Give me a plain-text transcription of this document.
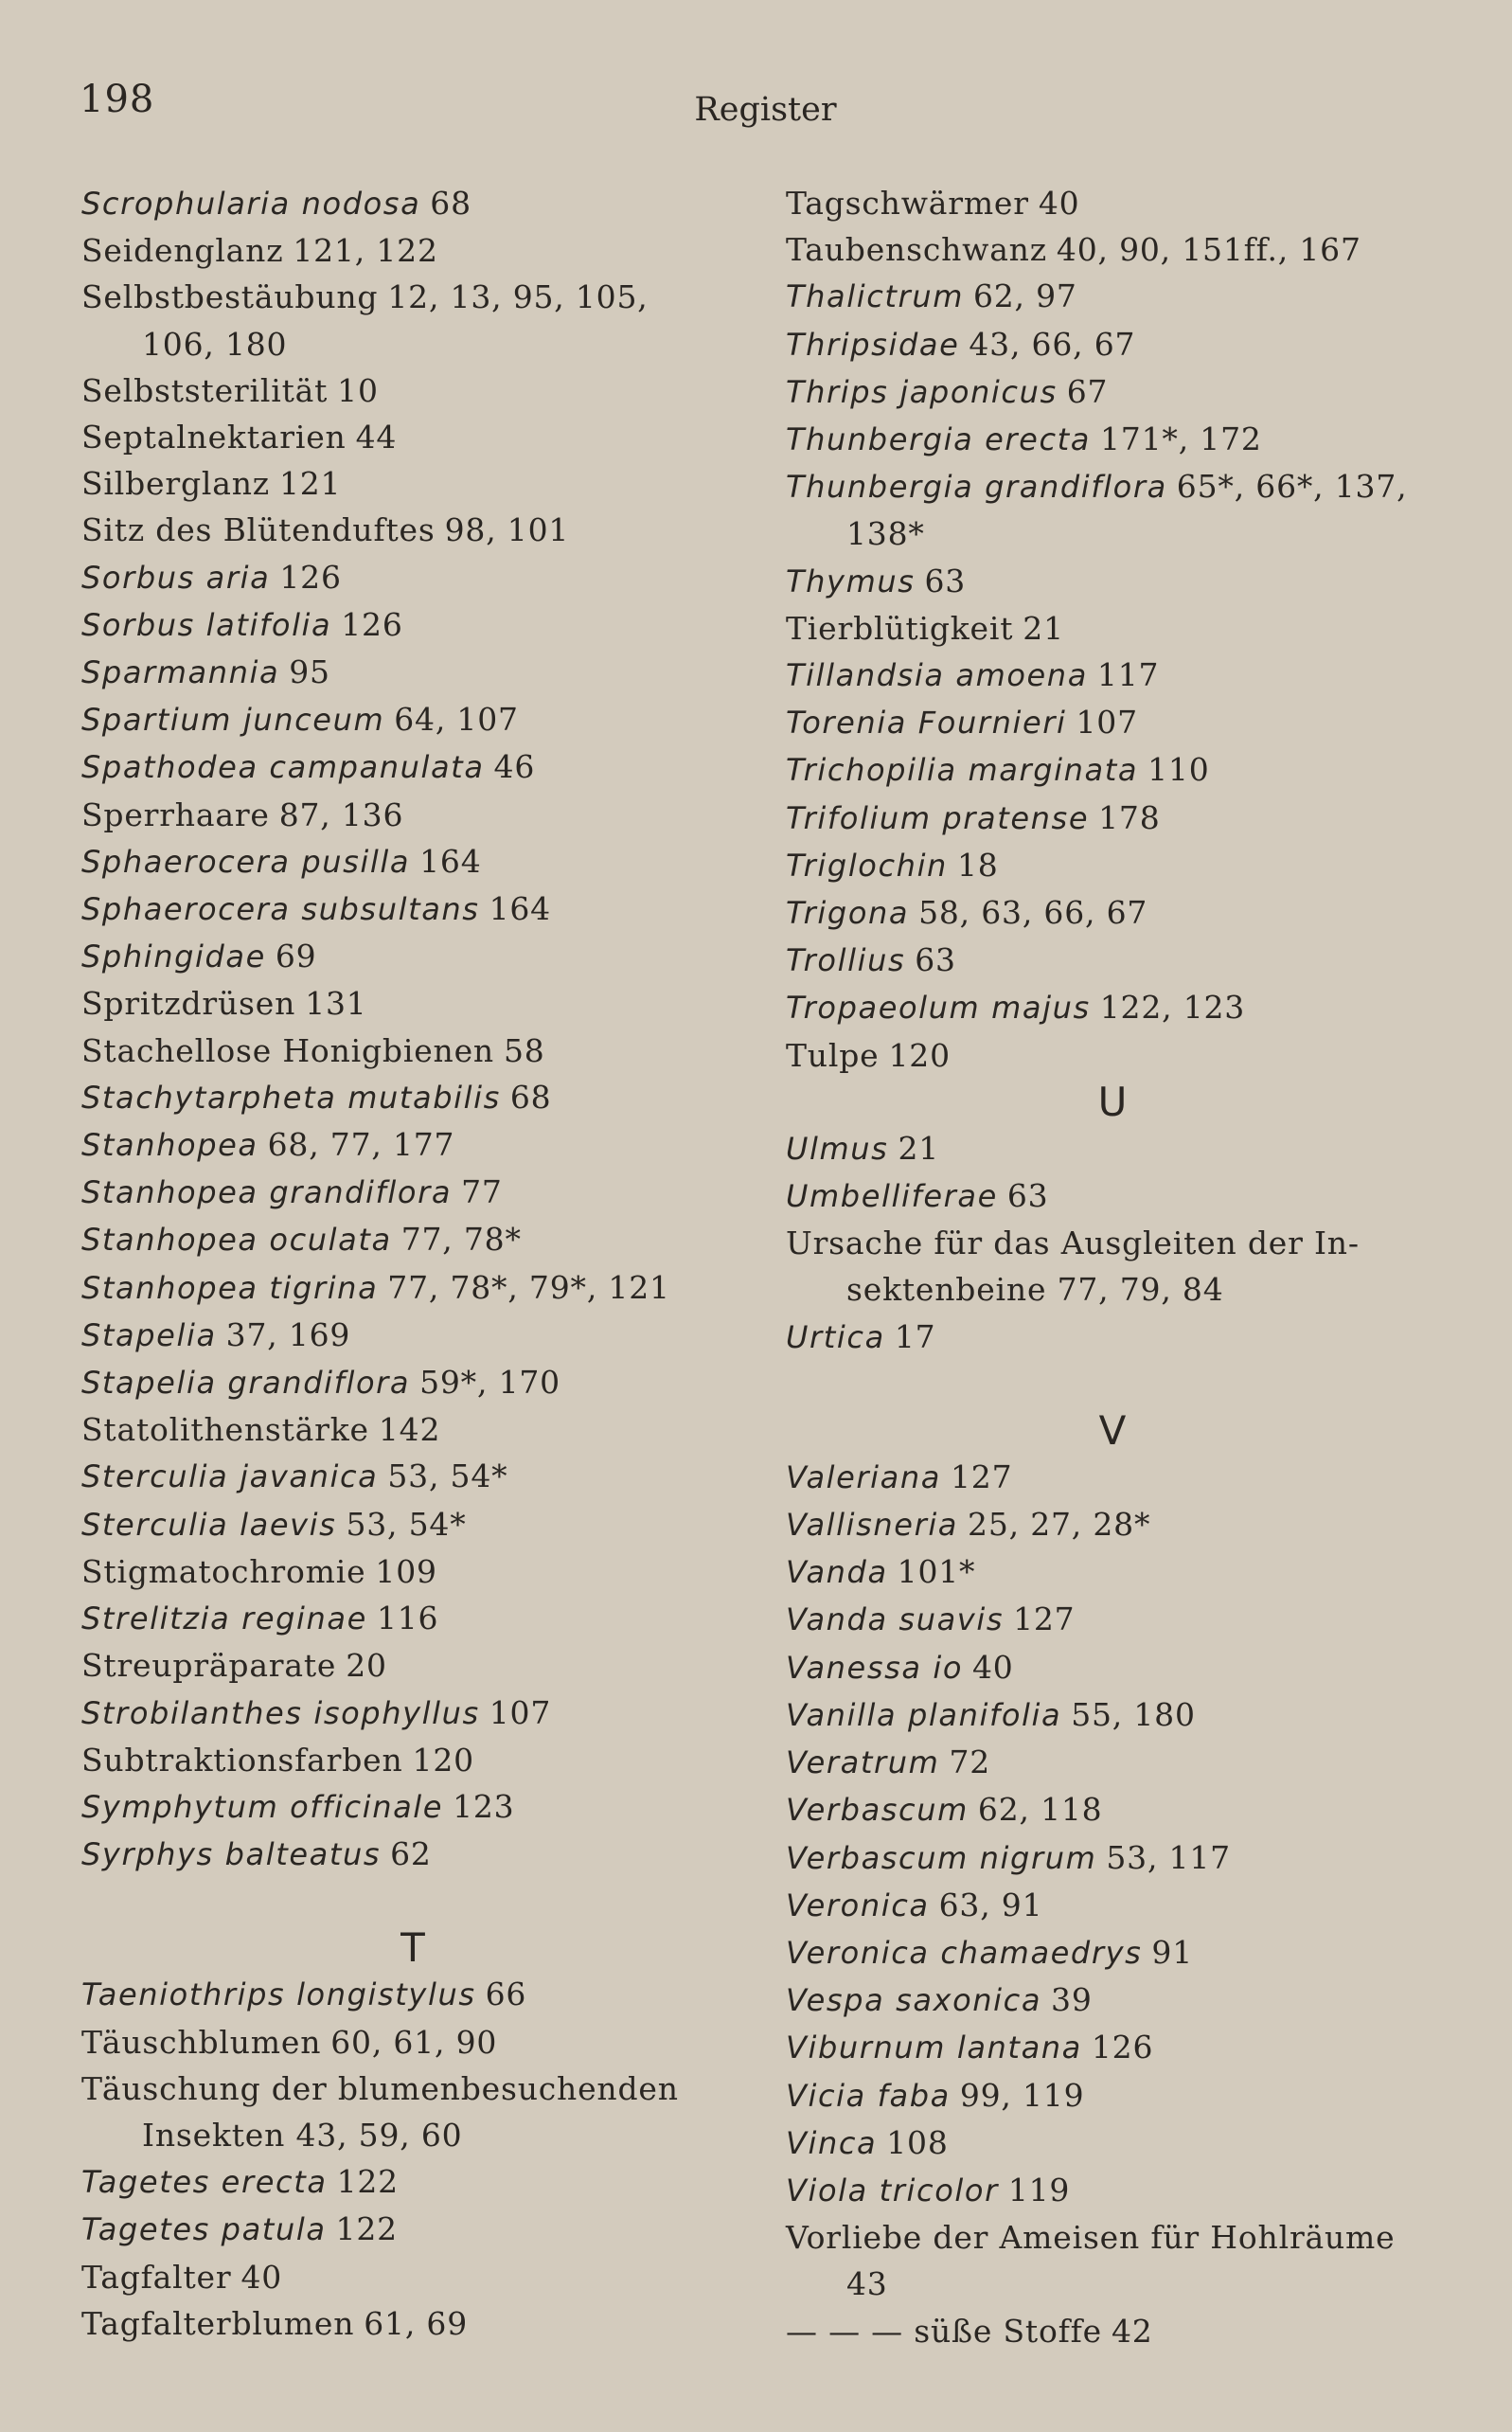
198	Register
Scrophularia nodosa 68
Seidenglanz 121, 122
Selbstbestäubung 12, 13, 95, 105,
106, 180
Selbststerilität 10
Septalnektarien 44
Silberglanz 121
Sitz des Blütenduftes 98, 101
Sorbus aria 126
Sorbus latifolia 126
Sparmannia 95
Spartium junceum 64, 107
Spathodea campanulata 46
Sperrhaare 87, 136
Sphaerocera pusilla 164
Sphaerocera subsultans 164
Sphingidae 69
Spritzdrüsen 131
Stachellose Honigbienen 58
Stachytarpheta mutabilis 68
Stanhopea 68, 77, 177
Stanhopea grandiflora 77
Stanhopea oculata 77, 78*
Stanhopea tigrina 77, 78*, 79*, 121
Stapelia 37, 169
Stapelia grandiflora 59*, 170
Statolithenstärke 142
Sterculia javanica 53, 54*
Sterculia laevis 53, 54*
Stigmatochromie 109
Strelitzia reginae 116
Streupräparate 20
Strobilanthes isophyllus 107
Subtraktionsfarben 120
Symphytum officinale 123
Syrphys balteatus 62
T
Taeniothrips longistylus 66
Täuschblumen 60, 61, 90
Täuschung der blumenbesuchenden
Insekten 43, 59, 60
Tagetes erecta 122
Tagetes patula 122
Tagfalter 40
Tagfalterblumen 61, 69
Tagschwärmer 40
Taubenschwanz 40, 90, 151ff., 167
Thalictrum 62, 97
Thripsidae 43, 66, 67
Thrips japonicus 67
Thunbergia erecta 171*, 172
Thunbergia grandiflora 65*, 66*, 137,
138*
Thymus 63
Tierblütigkeit 21
Tillandsia amoena 117
Torenia Fournieri 107
Trichopilia marginata 110
Trifolium pratense 178
Triglochin 18
Trigona 58, 63, 66, 67
Trollius 63
Tropaeolum majus 122, 123
Tulpe 120
U
Ulmus 21
Umbelliferae 63
Ursache für das Ausgleiten der In-
sektenbeine 77, 79, 84
Urtica 17
V
Valeriana 127
Vallisneria 25, 27, 28*
Vanda 101*
Vanda suavis 127
Vanessa io 40
Vanilla planifolia 55, 180
Veratrum 72
Verbascum 62, 118
Verbascum nigrum 53, 117
Veronica 63, 91
Veronica chamaedrys 91
Vespa saxonica 39
Viburnum lantana 126
Vicia faba 99, 119
Vinca 108
Viola tricolor 119
Vorliebe der Ameisen für Hohlräume
43
— — — süße Stoffe 42
